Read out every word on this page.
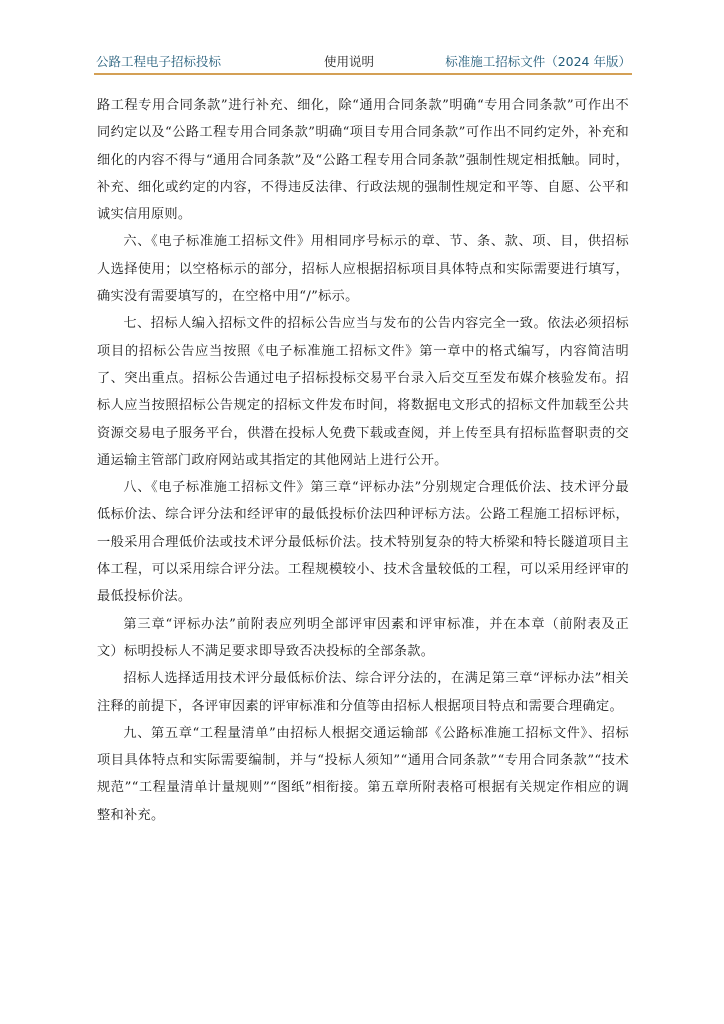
公路工程电子招标投标	使用说明	标准施工招标文件（2024 年版）

路工程专用合同条款”进行补充、细化，除“通用合同条款”明确“专用合同条款”可作出不同约定以及“公路工程专用合同条款”明确“项目专用合同条款”可作出不同约定外，补充和细化的内容不得与“通用合同条款”及“公路工程专用合同条款”强制性规定相抵触。同时，补充、细化或约定的内容，不得违反法律、行政法规的强制性规定和平等、自愿、公平和诚实信用原则。

六、《电子标准施工招标文件》用相同序号标示的章、节、条、款、项、目，供招标人选择使用；以空格标示的部分，招标人应根据招标项目具体特点和实际需要进行填写，确实没有需要填写的，在空格中用“/”标示。

七、招标人编入招标文件的招标公告应当与发布的公告内容完全一致。依法必须招标项目的招标公告应当按照《电子标准施工招标文件》第一章中的格式编写，内容简洁明了、突出重点。招标公告通过电子招标投标交易平台录入后交互至发布媒介核验发布。招标人应当按照招标公告规定的招标文件发布时间，将数据电文形式的招标文件加载至公共资源交易电子服务平台，供潜在投标人免费下载或查阅，并上传至具有招标监督职责的交通运输主管部门政府网站或其指定的其他网站上进行公开。

八、《电子标准施工招标文件》第三章“评标办法”分别规定合理低价法、技术评分最低标价法、综合评分法和经评审的最低投标价法四种评标方法。公路工程施工招标评标，一般采用合理低价法或技术评分最低标价法。技术特别复杂的特大桥梁和特长隧道项目主体工程，可以采用综合评分法。工程规模较小、技术含量较低的工程，可以采用经评审的最低投标价法。

第三章“评标办法”前附表应列明全部评审因素和评审标准，并在本章（前附表及正文）标明投标人不满足要求即导致否决投标的全部条款。

招标人选择适用技术评分最低标价法、综合评分法的，在满足第三章“评标办法”相关注释的前提下，各评审因素的评审标准和分值等由招标人根据项目特点和需要合理确定。

九、第五章“工程量清单”由招标人根据交通运输部《公路标准施工招标文件》、招标项目具体特点和实际需要编制，并与“投标人须知”“通用合同条款”“专用合同条款”“技术规范”“工程量清单计量规则”“图纸”相衔接。第五章所附表格可根据有关规定作相应的调整和补充。
